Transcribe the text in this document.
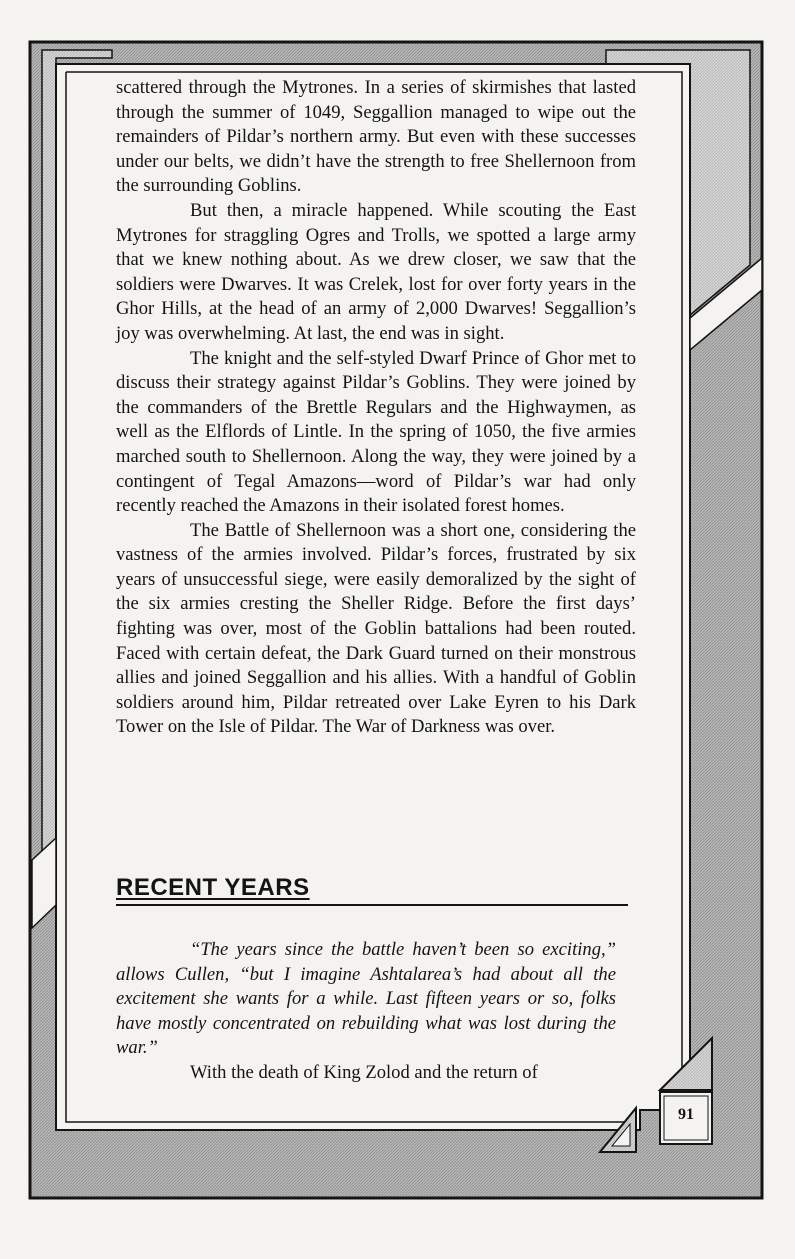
scattered through the Mytrones. In a series of skirmishes that lasted through the summer of 1049, Seggallion managed to wipe out the remainders of Pildar’s northern army. But even with these successes under our belts, we didn’t have the strength to free Shellernoon from the surrounding Goblins.

But then, a miracle happened. While scouting the East Mytrones for straggling Ogres and Trolls, we spotted a large army that we knew nothing about. As we drew closer, we saw that the soldiers were Dwarves. It was Crelek, lost for over forty years in the Ghor Hills, at the head of an army of 2,000 Dwarves! Seggallion’s joy was overwhelming. At last, the end was in sight.

The knight and the self-styled Dwarf Prince of Ghor met to discuss their strategy against Pildar’s Goblins. They were joined by the commanders of the Brettle Regulars and the Highwaymen, as well as the Elflords of Lintle. In the spring of 1050, the five armies marched south to Shellernoon. Along the way, they were joined by a contingent of Tegal Amazons—word of Pildar’s war had only recently reached the Amazons in their isolated forest homes.

The Battle of Shellernoon was a short one, considering the vastness of the armies involved. Pildar’s forces, frustrated by six years of unsuccessful siege, were easily demoralized by the sight of the six armies cresting the Sheller Ridge. Before the first days’ fighting was over, most of the Goblin battalions had been routed. Faced with certain defeat, the Dark Guard turned on their monstrous allies and joined Seggallion and his allies. With a handful of Goblin soldiers around him, Pildar retreated over Lake Eyren to his Dark Tower on the Isle of Pildar. The War of Darkness was over.

RECENT YEARS

“The years since the battle haven’t been so exciting,” allows Cullen, “but I imagine Ashtalarea’s had about all the excitement she wants for a while. Last fifteen years or so, folks have mostly concentrated on rebuilding what was lost during the war.”

With the death of King Zolod and the return of

91
